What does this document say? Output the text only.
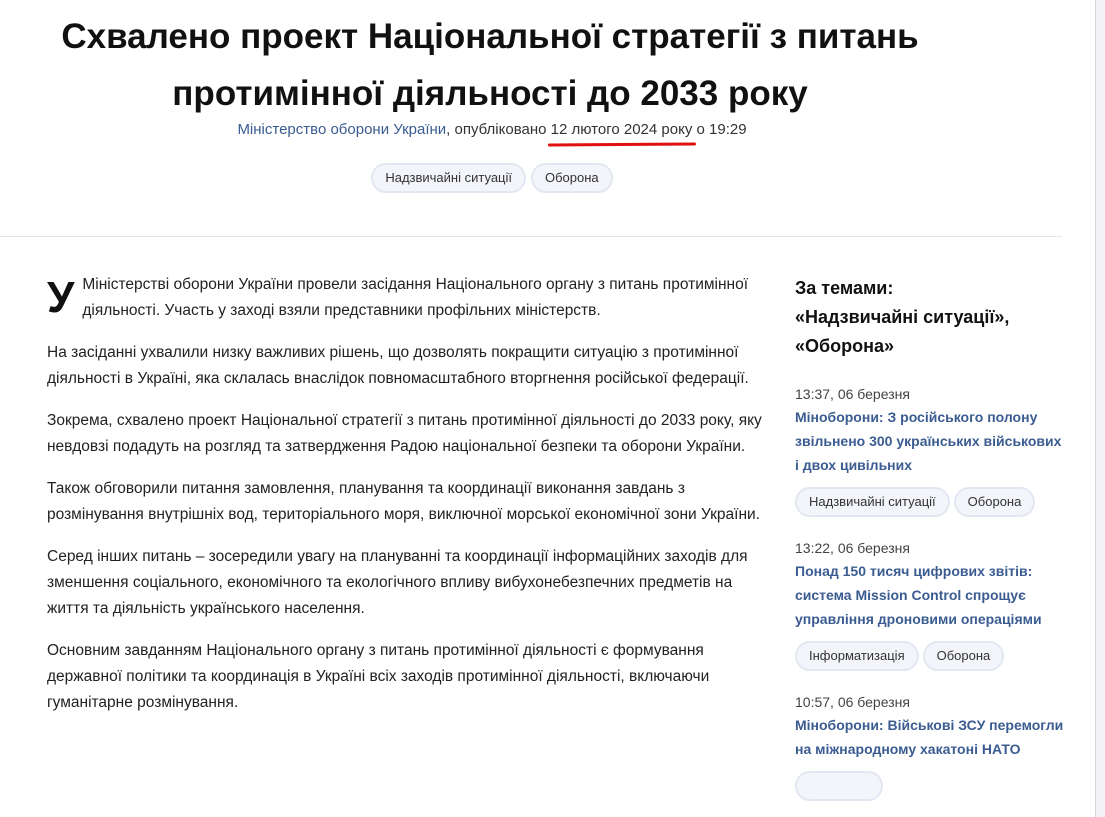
Схвалено проект Національної стратегії з питань протимінної діяльності до 2033 року
Міністерство оборони України, опубліковано 12 лютого 2024 року о 19:29
Надзвичайні ситуації	Оборона

У Міністерстві оборони України провели засідання Національного органу з питань протимінної діяльності. Участь у заході взяли представники профільних міністерств.

На засіданні ухвалили низку важливих рішень, що дозволять покращити ситуацію з протимінної діяльності в Україні, яка склалась внаслідок повномасштабного вторгнення російської федерації.

Зокрема, схвалено проект Національної стратегії з питань протимінної діяльності до 2033 року, яку невдовзі подадуть на розгляд та затвердження Радою національної безпеки та оборони України.

Також обговорили питання замовлення, планування та координації виконання завдань з розмінування внутрішніх вод, територіального моря, виключної морської економічної зони України.

Серед інших питань – зосередили увагу на плануванні та координації інформаційних заходів для зменшення соціального, економічного та екологічного впливу вибухонебезпечних предметів на життя та діяльність українського населення.

Основним завданням Національного органу з питань протимінної діяльності є формування державної політики та координація в Україні всіх заходів протимінної діяльності, включаючи гуманітарне розмінування.

За темами:
«Надзвичайні ситуації»,
«Оборона»
13:37, 06 березня
Міноборони: З російського полону звільнено 300 українських військових і двох цивільних
Надзвичайні ситуації	Оборона
13:22, 06 березня
Понад 150 тисяч цифрових звітів: система Mission Control спрощує управління дроновими операціями
Інформатизація	Оборона
10:57, 06 березня
Міноборони: Військові ЗСУ перемогли на міжнародному хакатоні НАТО
